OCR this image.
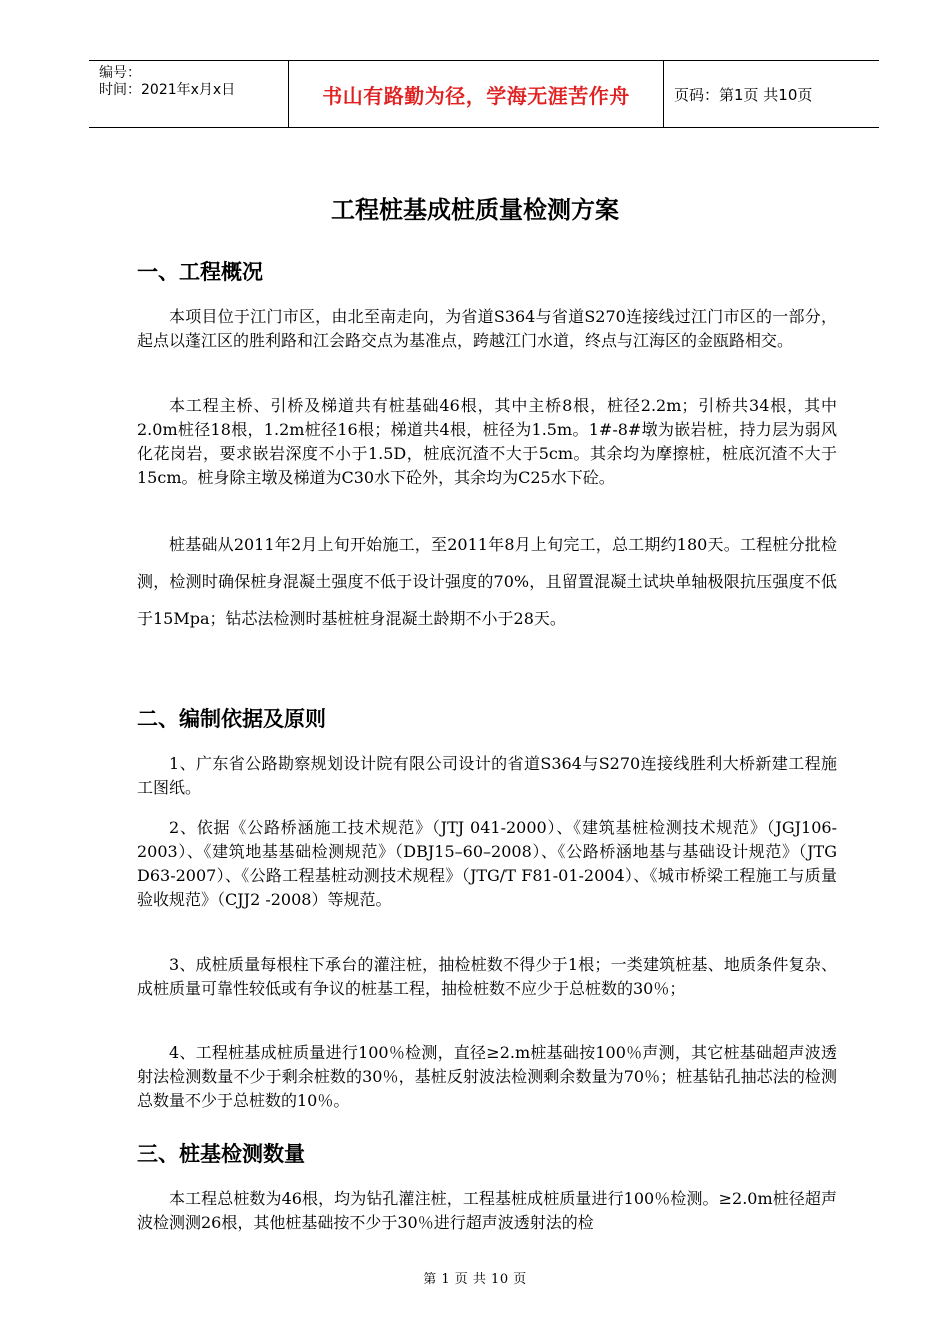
编号：
时间：2021年x月x日	书山有路勤为径，学海无涯苦作舟	页码：第1页 共10页
工程桩基成桩质量检测方案
一、工程概况

本项目位于江门市区，由北至南走向，为省道S364与省道S270连接线过江门市区的一部分，起点以蓬江区的胜利路和江会路交点为基准点，跨越江门水道，终点与江海区的金瓯路相交。

本工程主桥、引桥及梯道共有桩基础46根，其中主桥8根，桩径2.2m；引桥共34根，其中2.0m桩径18根，1.2m桩径16根；梯道共4根，桩径为1.5m。1#-8#墩为嵌岩桩，持力层为弱风化花岗岩，要求嵌岩深度不小于1.5D，桩底沉渣不大于5cm。其余均为摩擦桩，桩底沉渣不大于15cm。桩身除主墩及梯道为C30水下砼外，其余均为C25水下砼。

桩基础从2011年2月上旬开始施工，至2011年8月上旬完工，总工期约180天。工程桩分批检测，检测时确保桩身混凝土强度不低于设计强度的70%，且留置混凝土试块单轴极限抗压强度不低于15Mpa；钻芯法检测时基桩桩身混凝土龄期不小于28天。

二、编制依据及原则

1、广东省公路勘察规划设计院有限公司设计的省道S364与S270连接线胜利大桥新建工程施工图纸。

2、依据《公路桥涵施工技术规范》（JTJ 041-2000）、《建筑基桩检测技术规范》（JGJ106-2003）、《建筑地基基础检测规范》（DBJ15–60–2008）、《公路桥涵地基与基础设计规范》（JTG D63-2007）、《公路工程基桩动测技术规程》（JTG/T F81-01-2004）、《城市桥梁工程施工与质量验收规范》（CJJ2 -2008）等规范。

3、成桩质量每根柱下承台的灌注桩，抽检桩数不得少于1根；一类建筑桩基、地质条件复杂、成桩质量可靠性较低或有争议的桩基工程，抽检桩数不应少于总桩数的30％；

4、工程桩基成桩质量进行100％检测，直径≥2.m桩基础按100％声测，其它桩基础超声波透射法检测数量不少于剩余桩数的30％，基桩反射波法检测剩余数量为70％；桩基钻孔抽芯法的检测总数量不少于总桩数的10％。

三、桩基检测数量

本工程总桩数为46根，均为钻孔灌注桩，工程基桩成桩质量进行100％检测。≥2.0m桩径超声波检测测26根，其他桩基础按不少于30％进行超声波透射法的检

第 1 页 共 10 页
